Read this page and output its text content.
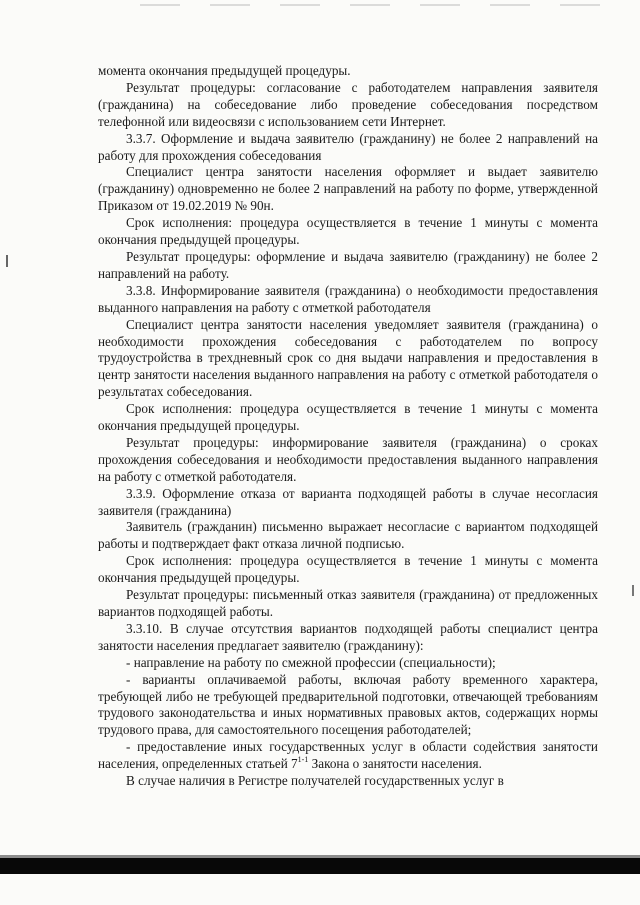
момента окончания предыдущей процедуры.

Результат процедуры: согласование с работодателем направления заявителя (гражданина) на собеседование либо проведение собеседования посредством телефонной или видеосвязи с использованием сети Интернет.

3.3.7. Оформление и выдача заявителю (гражданину) не более 2 направлений на работу для прохождения собеседования

Специалист центра занятости населения оформляет и выдает заявителю (гражданину) одновременно не более 2 направлений на работу по форме, утвержденной Приказом от 19.02.2019 № 90н.

Срок исполнения: процедура осуществляется в течение 1 минуты с момента окончания предыдущей процедуры.

Результат процедуры: оформление и выдача заявителю (гражданину) не более 2 направлений на работу.

3.3.8. Информирование заявителя (гражданина) о необходимости предоставления выданного направления на работу с отметкой работодателя

Специалист центра занятости населения уведомляет заявителя (гражданина) о необходимости прохождения собеседования с работодателем по вопросу трудоустройства в трехдневный срок со дня выдачи направления и предоставления в центр занятости населения выданного направления на работу с отметкой работодателя о результатах собеседования.

Срок исполнения: процедура осуществляется в течение 1 минуты с момента окончания предыдущей процедуры.

Результат процедуры: информирование заявителя (гражданина) о сроках прохождения собеседования и необходимости предоставления выданного направления на работу с отметкой работодателя.

3.3.9. Оформление отказа от варианта подходящей работы в случае несогласия заявителя (гражданина)

Заявитель (гражданин) письменно выражает несогласие с вариантом подходящей работы и подтверждает факт отказа личной подписью.

Срок исполнения: процедура осуществляется в течение 1 минуты с момента окончания предыдущей процедуры.

Результат процедуры: письменный отказ заявителя (гражданина) от предложенных вариантов подходящей работы.

3.3.10. В случае отсутствия вариантов подходящей работы специалист центра занятости населения предлагает заявителю (гражданину):

- направление на работу по смежной профессии (специальности);

- варианты оплачиваемой работы, включая работу временного характера, требующей либо не требующей предварительной подготовки, отвечающей требованиям трудового законодательства и иных нормативных правовых актов, содержащих нормы трудового права, для самостоятельного посещения работодателей;

- предоставление иных государственных услуг в области содействия занятости населения, определенных статьей 7$^{1-1}$ Закона о занятости населения.

В случае наличия в Регистре получателей государственных услуг в
